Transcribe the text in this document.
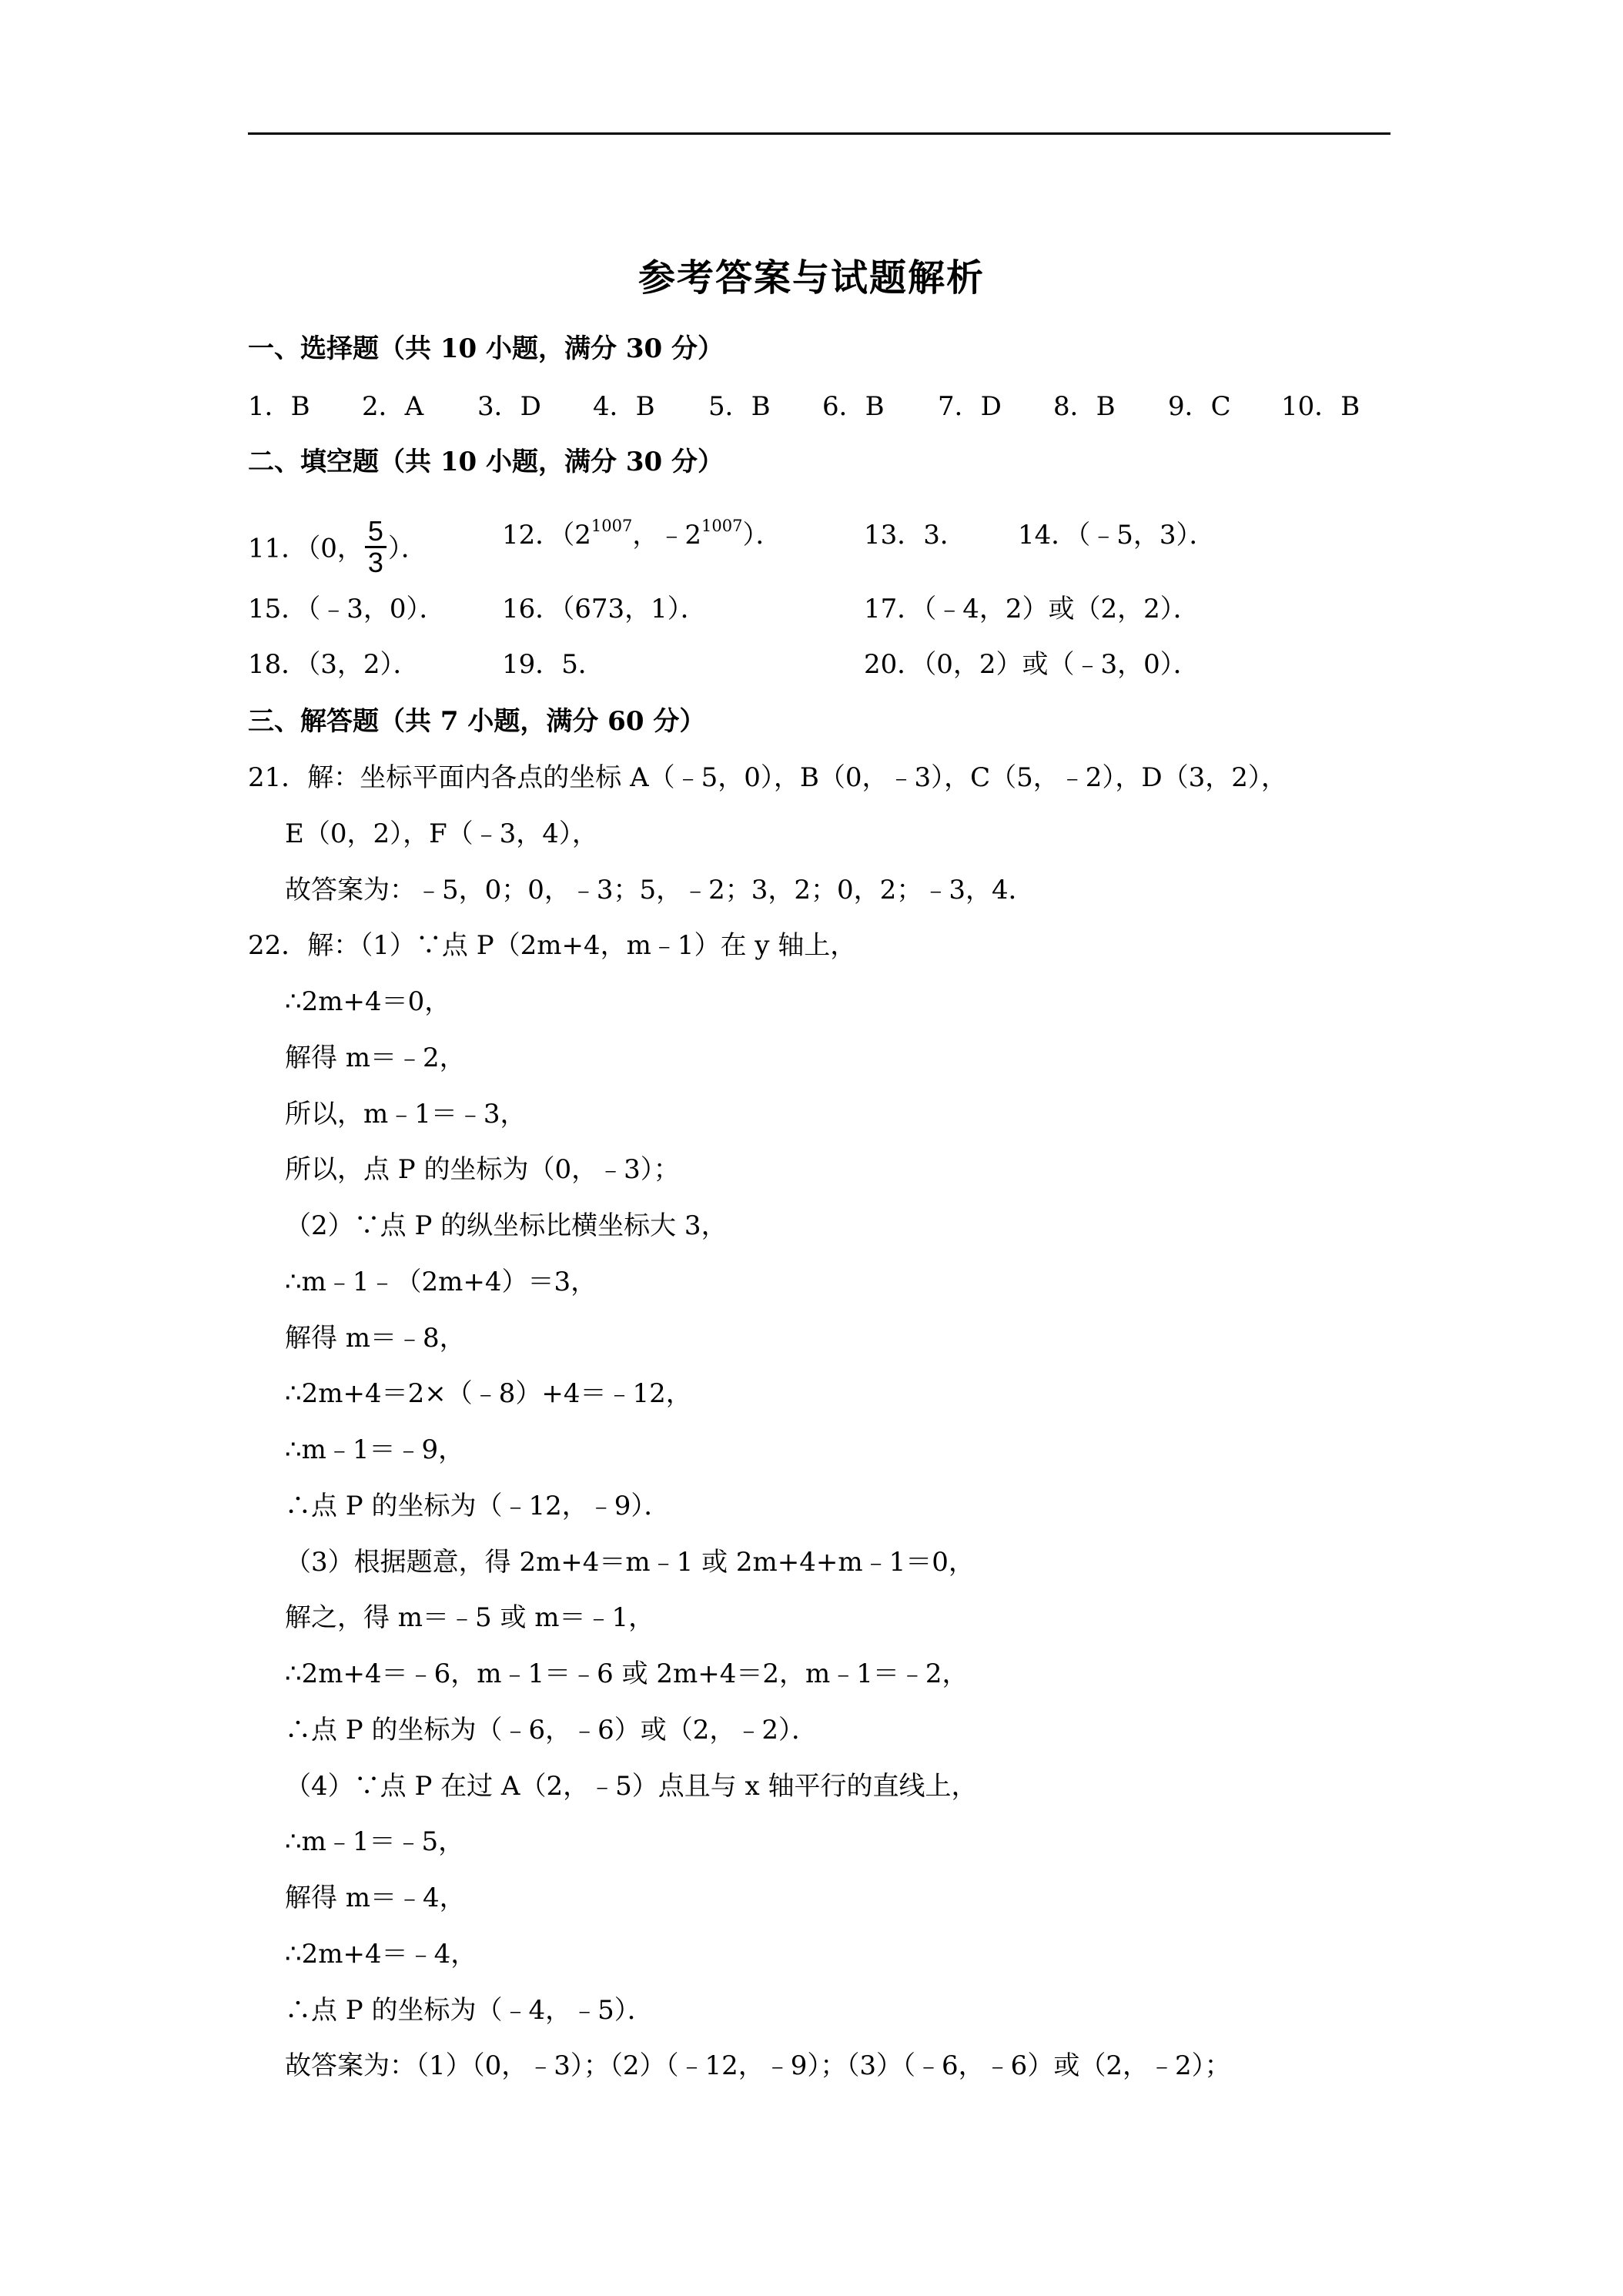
参考答案与试题解析
一、选择题（共 10 小题，满分 30 分）
1．B 2．A 3．D 4．B 5．B 6．B 7．D 8．B 9．C 10．B
二、填空题（共 10 小题，满分 30 分）
11．（0， $\frac{5}{3}$ ）．	12．（$2^{1007}$，$﹣2^{1007}$）．	13．3． 14．（﹣5，3）．
15．（﹣3，0）． 16．（673，1）．	17．（﹣4，2）或（2，2）．
18．（3，2）．	19．5．	20．（0，2）或（﹣3，0）．
三、解答题（共 7 小题，满分 60 分）
21．解：坐标平面内各点的坐标 A（﹣5，0），B（0，﹣3），C（5，﹣2），D（3，2），
E（0，2），F（﹣3，4），
故答案为：﹣5，0；0，﹣3；5，﹣2；3，2；0，2；﹣3，4．
22．解：（1）∵点 P（2m+4，m﹣1）在 y 轴上，
∴2m+4＝0，
解得 m＝﹣2，
所以，m﹣1＝﹣3，
所以，点 P 的坐标为（0，﹣3）；
（2）∵点 P 的纵坐标比横坐标大 3，
∴m﹣1﹣（2m+4）＝3，
解得 m＝﹣8，
∴2m+4＝2×（﹣8）+4＝﹣12，
∴m﹣1＝﹣9，
∴点 P 的坐标为（﹣12，﹣9）．
（3）根据题意，得 2m+4＝m﹣1 或 2m+4+m﹣1＝0，
解之，得 m＝﹣5 或 m＝﹣1，
∴2m+4＝﹣6，m﹣1＝﹣6 或 2m+4＝2，m﹣1＝﹣2，
∴点 P 的坐标为（﹣6，﹣6）或（2，﹣2）．
（4）∵点 P 在过 A（2，﹣5）点且与 x 轴平行的直线上，
∴m﹣1＝﹣5，
解得 m＝﹣4，
∴2m+4＝﹣4，
∴点 P 的坐标为（﹣4，﹣5）．
故答案为：（1）（0，﹣3）；（2）（﹣12，﹣9）；（3）（﹣6，﹣6）或（2，﹣2）；
